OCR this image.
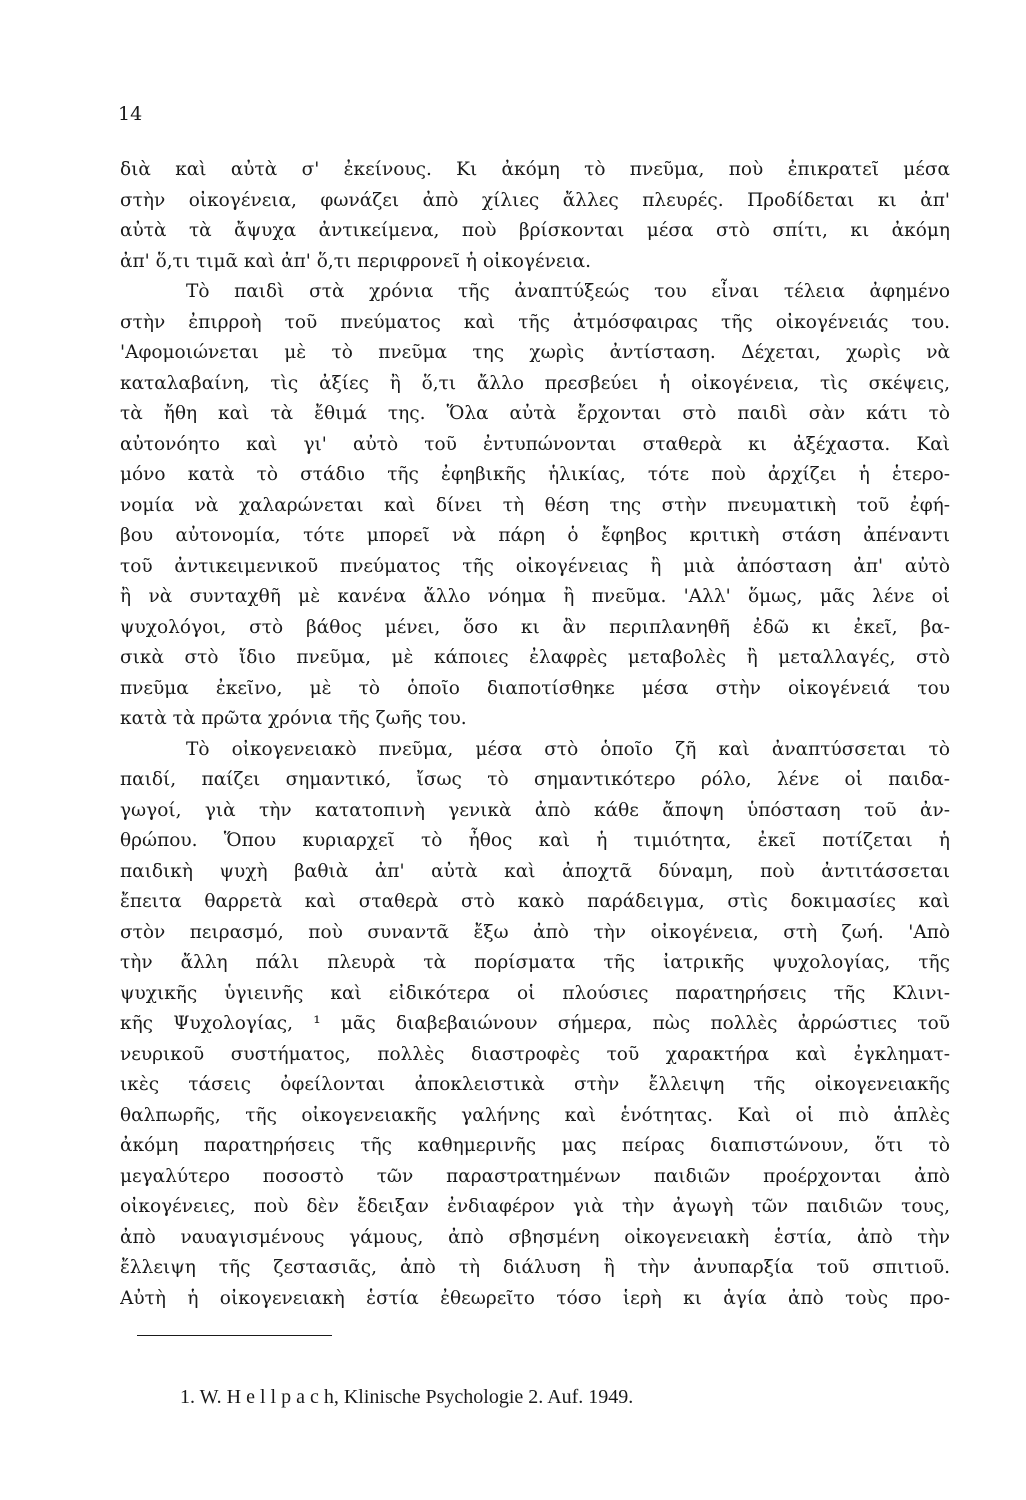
14

διὰ καὶ αὐτὰ σ' ἐκείνους. Κι ἀκόμη τὸ πνεῦμα, ποὺ ἐπικρατεῖ μέσα
στὴν οἰκογένεια, φωνάζει ἀπὸ χίλιες ἄλλες πλευρές. Προδίδεται κι ἀπ'
αὐτὰ τὰ ἄψυχα ἀντικείμενα, ποὺ βρίσκονται μέσα στὸ σπίτι, κι ἀκόμη
ἀπ' ὅ,τι τιμᾶ καὶ ἀπ' ὅ,τι περιφρονεῖ ἡ οἰκογένεια.
Τὸ παιδὶ στὰ χρόνια τῆς ἀναπτύξεώς του εἶναι τέλεια ἀφημένο
στὴν ἐπιρροὴ τοῦ πνεύματος καὶ τῆς ἀτμόσφαιρας τῆς οἰκογένειάς του.
'Αφομοιώνεται μὲ τὸ πνεῦμα της χωρὶς ἀντίσταση. Δέχεται, χωρὶς νὰ
καταλαβαίνη, τὶς ἀξίες ἢ ὅ,τι ἄλλο πρεσβεύει ἡ οἰκογένεια, τὶς σκέψεις,
τὰ ἤθη καὶ τὰ ἔθιμά της. Ὅλα αὐτὰ ἔρχονται στὸ παιδὶ σὰν κάτι τὸ
αὐτονόητο καὶ γι' αὐτὸ τοῦ ἐντυπώνονται σταθερὰ κι ἀξέχαστα. Καὶ
μόνο κατὰ τὸ στάδιο τῆς ἐφηβικῆς ἡλικίας, τότε ποὺ ἀρχίζει ἡ ἑτερο-
νομία νὰ χαλαρώνεται καὶ δίνει τὴ θέση της στὴν πνευματικὴ τοῦ ἐφή-
βου αὐτονομία, τότε μπορεῖ νὰ πάρη ὁ ἔφηβος κριτικὴ στάση ἀπέναντι
τοῦ ἀντικειμενικοῦ πνεύματος τῆς οἰκογένειας ἢ μιὰ ἀπόσταση ἀπ' αὐτὸ
ἢ νὰ συνταχθῆ μὲ κανένα ἄλλο νόημα ἢ πνεῦμα. 'Αλλ' ὅμως, μᾶς λένε οἱ
ψυχολόγοι, στὸ βάθος μένει, ὅσο κι ἂν περιπλανηθῆ ἐδῶ κι ἐκεῖ, βα-
σικὰ στὸ ἴδιο πνεῦμα, μὲ κάποιες ἐλαφρὲς μεταβολὲς ἢ μεταλλαγές, στὸ
πνεῦμα ἐκεῖνο, μὲ τὸ ὁποῖο διαποτίσθηκε μέσα στὴν οἰκογένειά του
κατὰ τὰ πρῶτα χρόνια τῆς ζωῆς του.
Τὸ οἰκογενειακὸ πνεῦμα, μέσα στὸ ὁποῖο ζῆ καὶ ἀναπτύσσεται τὸ
παιδί, παίζει σημαντικό, ἴσως τὸ σημαντικότερο ρόλο, λένε οἱ παιδα-
γωγοί, γιὰ τὴν κατατοπινὴ γενικὰ ἀπὸ κάθε ἄποψη ὑπόσταση τοῦ ἀν-
θρώπου. Ὅπου κυριαρχεῖ τὸ ἦθος καὶ ἡ τιμιότητα, ἐκεῖ ποτίζεται ἡ
παιδικὴ ψυχὴ βαθιὰ ἀπ' αὐτὰ καὶ ἀποχτᾶ δύναμη, ποὺ ἀντιτάσσεται
ἔπειτα θαρρετὰ καὶ σταθερὰ στὸ κακὸ παράδειγμα, στὶς δοκιμασίες καὶ
στὸν πειρασμό, ποὺ συναντᾶ ἔξω ἀπὸ τὴν οἰκογένεια, στὴ ζωή. 'Απὸ
τὴν ἄλλη πάλι πλευρὰ τὰ πορίσματα τῆς ἰατρικῆς ψυχολογίας, τῆς
ψυχικῆς ὑγιεινῆς καὶ εἰδικότερα οἱ πλούσιες παρατηρήσεις τῆς Κλινι-
κῆς Ψυχολογίας, ¹ μᾶς διαβεβαιώνουν σήμερα, πὼς πολλὲς ἀρρώστιες τοῦ
νευρικοῦ συστήματος, πολλὲς διαστροφὲς τοῦ χαρακτήρα καὶ ἐγκληματ-
ικὲς τάσεις ὀφείλονται ἀποκλειστικὰ στὴν ἔλλειψη τῆς οἰκογενειακῆς
θαλπωρῆς, τῆς οἰκογενειακῆς γαλήνης καὶ ἑνότητας. Καὶ οἱ πιὸ ἁπλὲς
ἀκόμη παρατηρήσεις τῆς καθημερινῆς μας πείρας διαπιστώνουν, ὅτι τὸ
μεγαλύτερο ποσοστὸ τῶν παραστρατημένων παιδιῶν προέρχονται ἀπὸ
οἰκογένειες, ποὺ δὲν ἔδειξαν ἐνδιαφέρον γιὰ τὴν ἀγωγὴ τῶν παιδιῶν τους,
ἀπὸ ναυαγισμένους γάμους, ἀπὸ σβησμένη οἰκογενειακὴ ἑστία, ἀπὸ τὴν
ἔλλειψη τῆς ζεστασιᾶς, ἀπὸ τὴ διάλυση ἢ τὴν ἀνυπαρξία τοῦ σπιτιοῦ.
Αὐτὴ ἡ οἰκογενειακὴ ἑστία ἐθεωρεῖτο τόσο ἱερὴ κι ἁγία ἀπὸ τοὺς προ-

1. W. H e l l p a c h, Klinische Psychologie 2. Auf. 1949.
